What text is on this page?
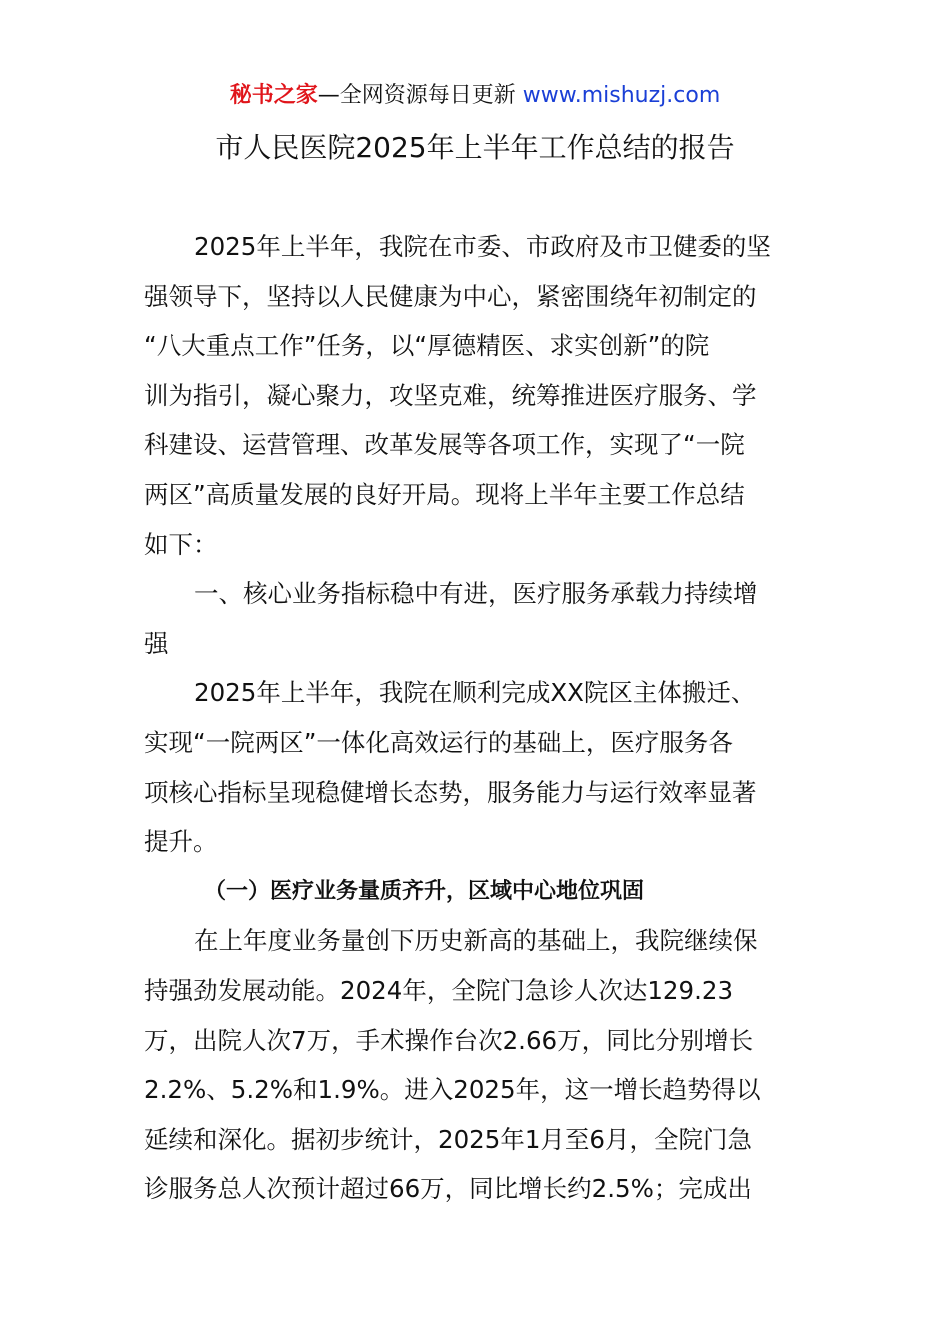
秘书之家—全网资源每日更新 www.mishuzj.com
市人民医院2025年上半年工作总结的报告
2025年上半年，我院在市委、市政府及市卫健委的坚
强领导下，坚持以人民健康为中心，紧密围绕年初制定的
“八大重点工作”任务，以“厚德精医、求实创新”的院
训为指引，凝心聚力，攻坚克难，统筹推进医疗服务、学
科建设、运营管理、改革发展等各项工作，实现了“一院
两区”高质量发展的良好开局。现将上半年主要工作总结
如下：
一、核心业务指标稳中有进，医疗服务承载力持续增
强
2025年上半年，我院在顺利完成XX院区主体搬迁、
实现“一院两区”一体化高效运行的基础上，医疗服务各
项核心指标呈现稳健增长态势，服务能力与运行效率显著
提升。
（一）医疗业务量质齐升，区域中心地位巩固
在上年度业务量创下历史新高的基础上，我院继续保
持强劲发展动能。2024年，全院门急诊人次达129.23
万，出院人次7万，手术操作台次2.66万，同比分别增长
2.2%、5.2%和1.9%。进入2025年，这一增长趋势得以
延续和深化。据初步统计，2025年1月至6月，全院门急
诊服务总人次预计超过66万，同比增长约2.5%；完成出
